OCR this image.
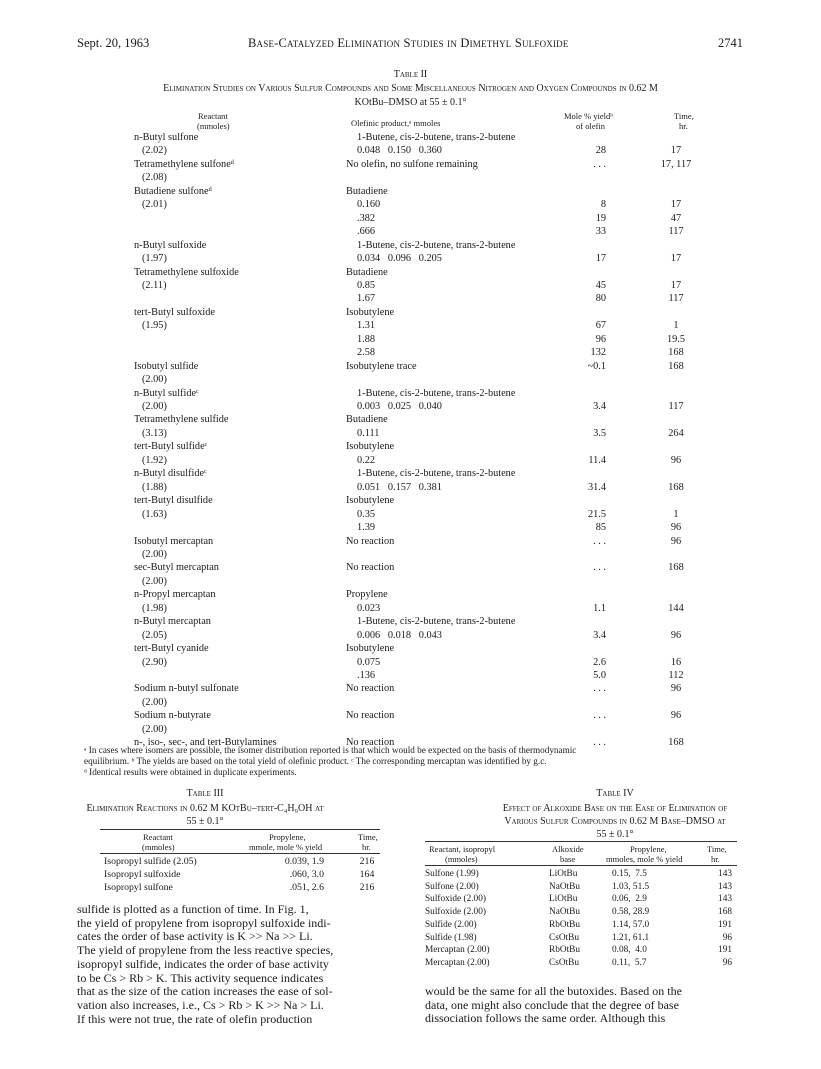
Sept. 20, 1963	Base-Catalyzed Elimination Studies in Dimethyl Sulfoxide	2741
Table II
Elimination Studies on Various Sulfur Compounds and Some Miscellaneous Nitrogen and Oxygen Compounds in 0.62 M
KOtBu–DMSO at 55 ± 0.1°
Reactant
(mmoles)	Olefinic product,ᵃ mmoles
Mole % yieldᵇ
of olefin
Time,
hr.
n-Butyl sulfone	1-Butene, cis-2-butene, trans-2-butene
(2.02)	0.048   0.150   0.360	28	17
Tetramethylene sulfoneᵈ	No olefin, no sulfone remaining	. . .	17, 117
(2.08)
Butadiene sulfoneᵈ	Butadiene
(2.01)	0.160	8	17
.382	19	47
.666	33	117
n-Butyl sulfoxide	1-Butene, cis-2-butene, trans-2-butene
(1.97)	0.034   0.096   0.205	17	17
Tetramethylene sulfoxide	Butadiene
(2.11)	0.85	45	17
1.67	80	117
tert-Butyl sulfoxide	Isobutylene
(1.95)	1.31	67	1
1.88	96	19.5
2.58	132	168
Isobutyl sulfide	Isobutylene trace	~0.1	168
(2.00)
n-Butyl sulfideᶜ	1-Butene, cis-2-butene, trans-2-butene
(2.00)	0.003   0.025   0.040	3.4	117
Tetramethylene sulfide	Butadiene
(3.13)	0.111	3.5	264
tert-Butyl sulfideᶜ	Isobutylene
(1.92)	0.22	11.4	96
n-Butyl disulfideᶜ	1-Butene, cis-2-butene, trans-2-butene
(1.88)	0.051   0.157   0.381	31.4	168
tert-Butyl disulfide	Isobutylene
(1.63)	0.35	21.5	1
1.39	85	96
Isobutyl mercaptan	No reaction	. . .	96
(2.00)
sec-Butyl mercaptan	No reaction	. . .	168
(2.00)
n-Propyl mercaptan	Propylene
(1.98)	0.023	1.1	144
n-Butyl mercaptan	1-Butene, cis-2-butene, trans-2-butene
(2.05)	0.006   0.018   0.043	3.4	96
tert-Butyl cyanide	Isobutylene
(2.90)	0.075	2.6	16
.136	5.0	112
Sodium n-butyl sulfonate	No reaction	. . .	96
(2.00)
Sodium n-butyrate	No reaction	. . .	96
(2.00)
n-, iso-, sec-, and tert-Butylamines	No reaction	. . .	168
ᵃ In cases where isomers are possible, the isomer distribution reported is that which would be expected on the basis of thermodynamic
equilibrium. ᵇ The yields are based on the total yield of olefinic product. ᶜ The corresponding mercaptan was identified by g.c.
ᵈ Identical results were obtained in duplicate experiments.
Table III
Elimination Reactions in 0.62 M KOtBu–tert-C₄H₉OH at
55 ± 0.1°
Reactant
(mmoles)
Propylene,
mmole, mole % yield
Time,
hr.
Isopropyl sulfide (2.05)	0.039, 1.9	216
Isopropyl sulfoxide	.060, 3.0	164
Isopropyl sulfone	.051, 2.6	216
Table IV
Effect of Alkoxide Base on the Ease of Elimination of
Various Sulfur Compounds in 0.62 M Base–DMSO at
55 ± 0.1°
Reactant, isopropyl
(mmoles)
Alkoxide
base
Propylene,
mmoles, mole % yield
Time,
hr.
Sulfone (1.99)	LiOtBu	0.15,  7.5	143
Sulfone (2.00)	NaOtBu	1.03, 51.5	143
Sulfoxide (2.00)	LiOtBu	0.06,  2.9	143
Sulfoxide (2.00)	NaOtBu	0.58, 28.9	168
Sulfide (2.00)	RbOtBu	1.14, 57.0	191
Sulfide (1.98)	CsOtBu	1.21, 61.1	96
Mercaptan (2.00)	RbOtBu	0.08,  4.0	191
Mercaptan (2.00)	CsOtBu	0.11,  5.7	96
sulfide is plotted as a function of time. In Fig. 1,
the yield of propylene from isopropyl sulfoxide indi-
cates the order of base activity is K >> Na >> Li.
The yield of propylene from the less reactive species,
isopropyl sulfide, indicates the order of base activity
to be Cs > Rb > K. This activity sequence indicates
that as the size of the cation increases the ease of sol-
vation also increases, i.e., Cs > Rb > K >> Na > Li.
If this were not true, the rate of olefin production
would be the same for all the butoxides. Based on the
data, one might also conclude that the degree of base
dissociation follows the same order. Although this
